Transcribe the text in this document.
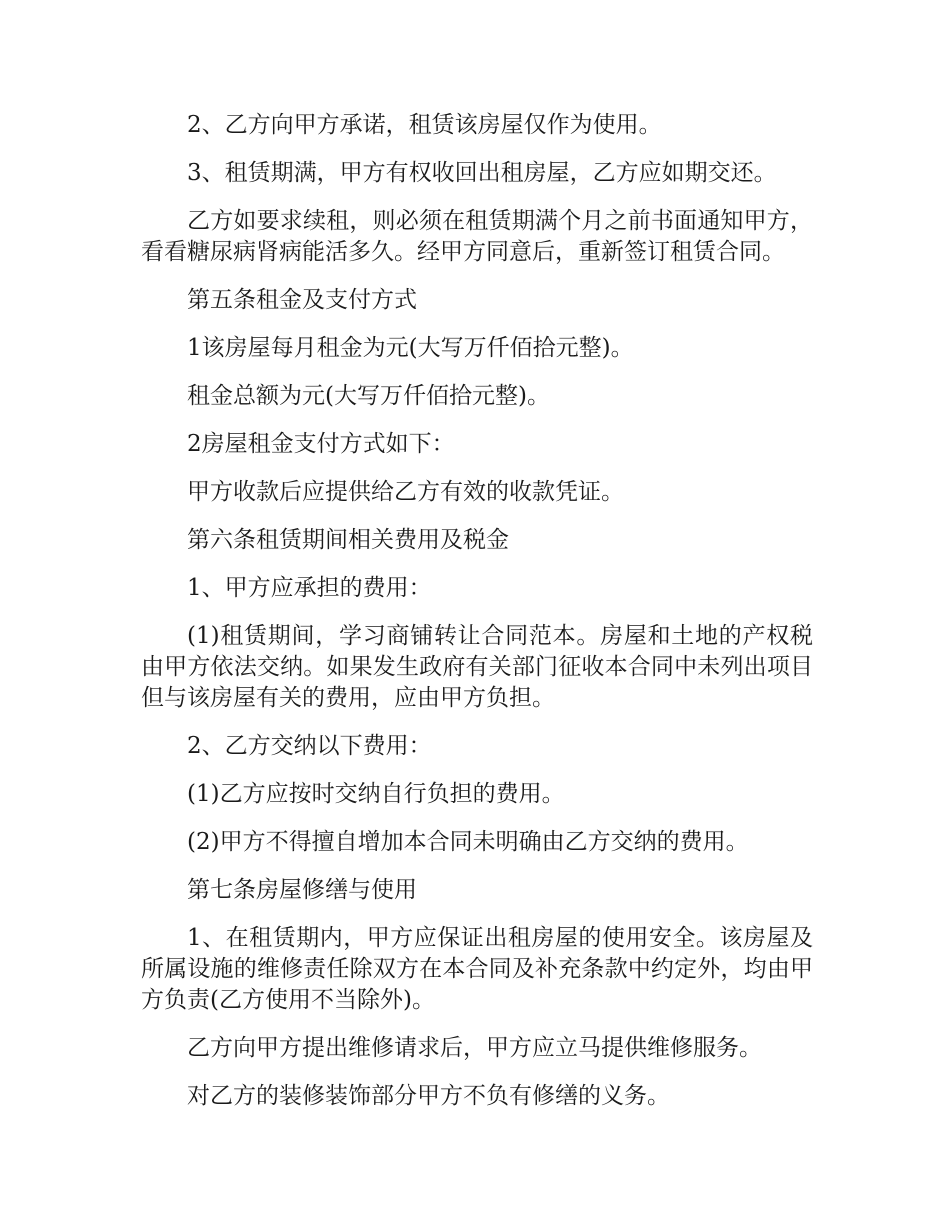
2、乙方向甲方承诺，租赁该房屋仅作为使用。

3、租赁期满，甲方有权收回出租房屋，乙方应如期交还。

乙方如要求续租，则必须在租赁期满个月之前书面通知甲方，看看糖尿病肾病能活多久。经甲方同意后，重新签订租赁合同。

第五条租金及支付方式

1该房屋每月租金为元(大写万仟佰拾元整)。

租金总额为元(大写万仟佰拾元整)。

2房屋租金支付方式如下：

甲方收款后应提供给乙方有效的收款凭证。

第六条租赁期间相关费用及税金

1、甲方应承担的费用：

(1)租赁期间，学习商铺转让合同范本。房屋和土地的产权税由甲方依法交纳。如果发生政府有关部门征收本合同中未列出项目但与该房屋有关的费用，应由甲方负担。

2、乙方交纳以下费用：

(1)乙方应按时交纳自行负担的费用。

(2)甲方不得擅自增加本合同未明确由乙方交纳的费用。

第七条房屋修缮与使用

1、在租赁期内，甲方应保证出租房屋的使用安全。该房屋及所属设施的维修责任除双方在本合同及补充条款中约定外，均由甲方负责(乙方使用不当除外)。

乙方向甲方提出维修请求后，甲方应立马提供维修服务。

对乙方的装修装饰部分甲方不负有修缮的义务。
